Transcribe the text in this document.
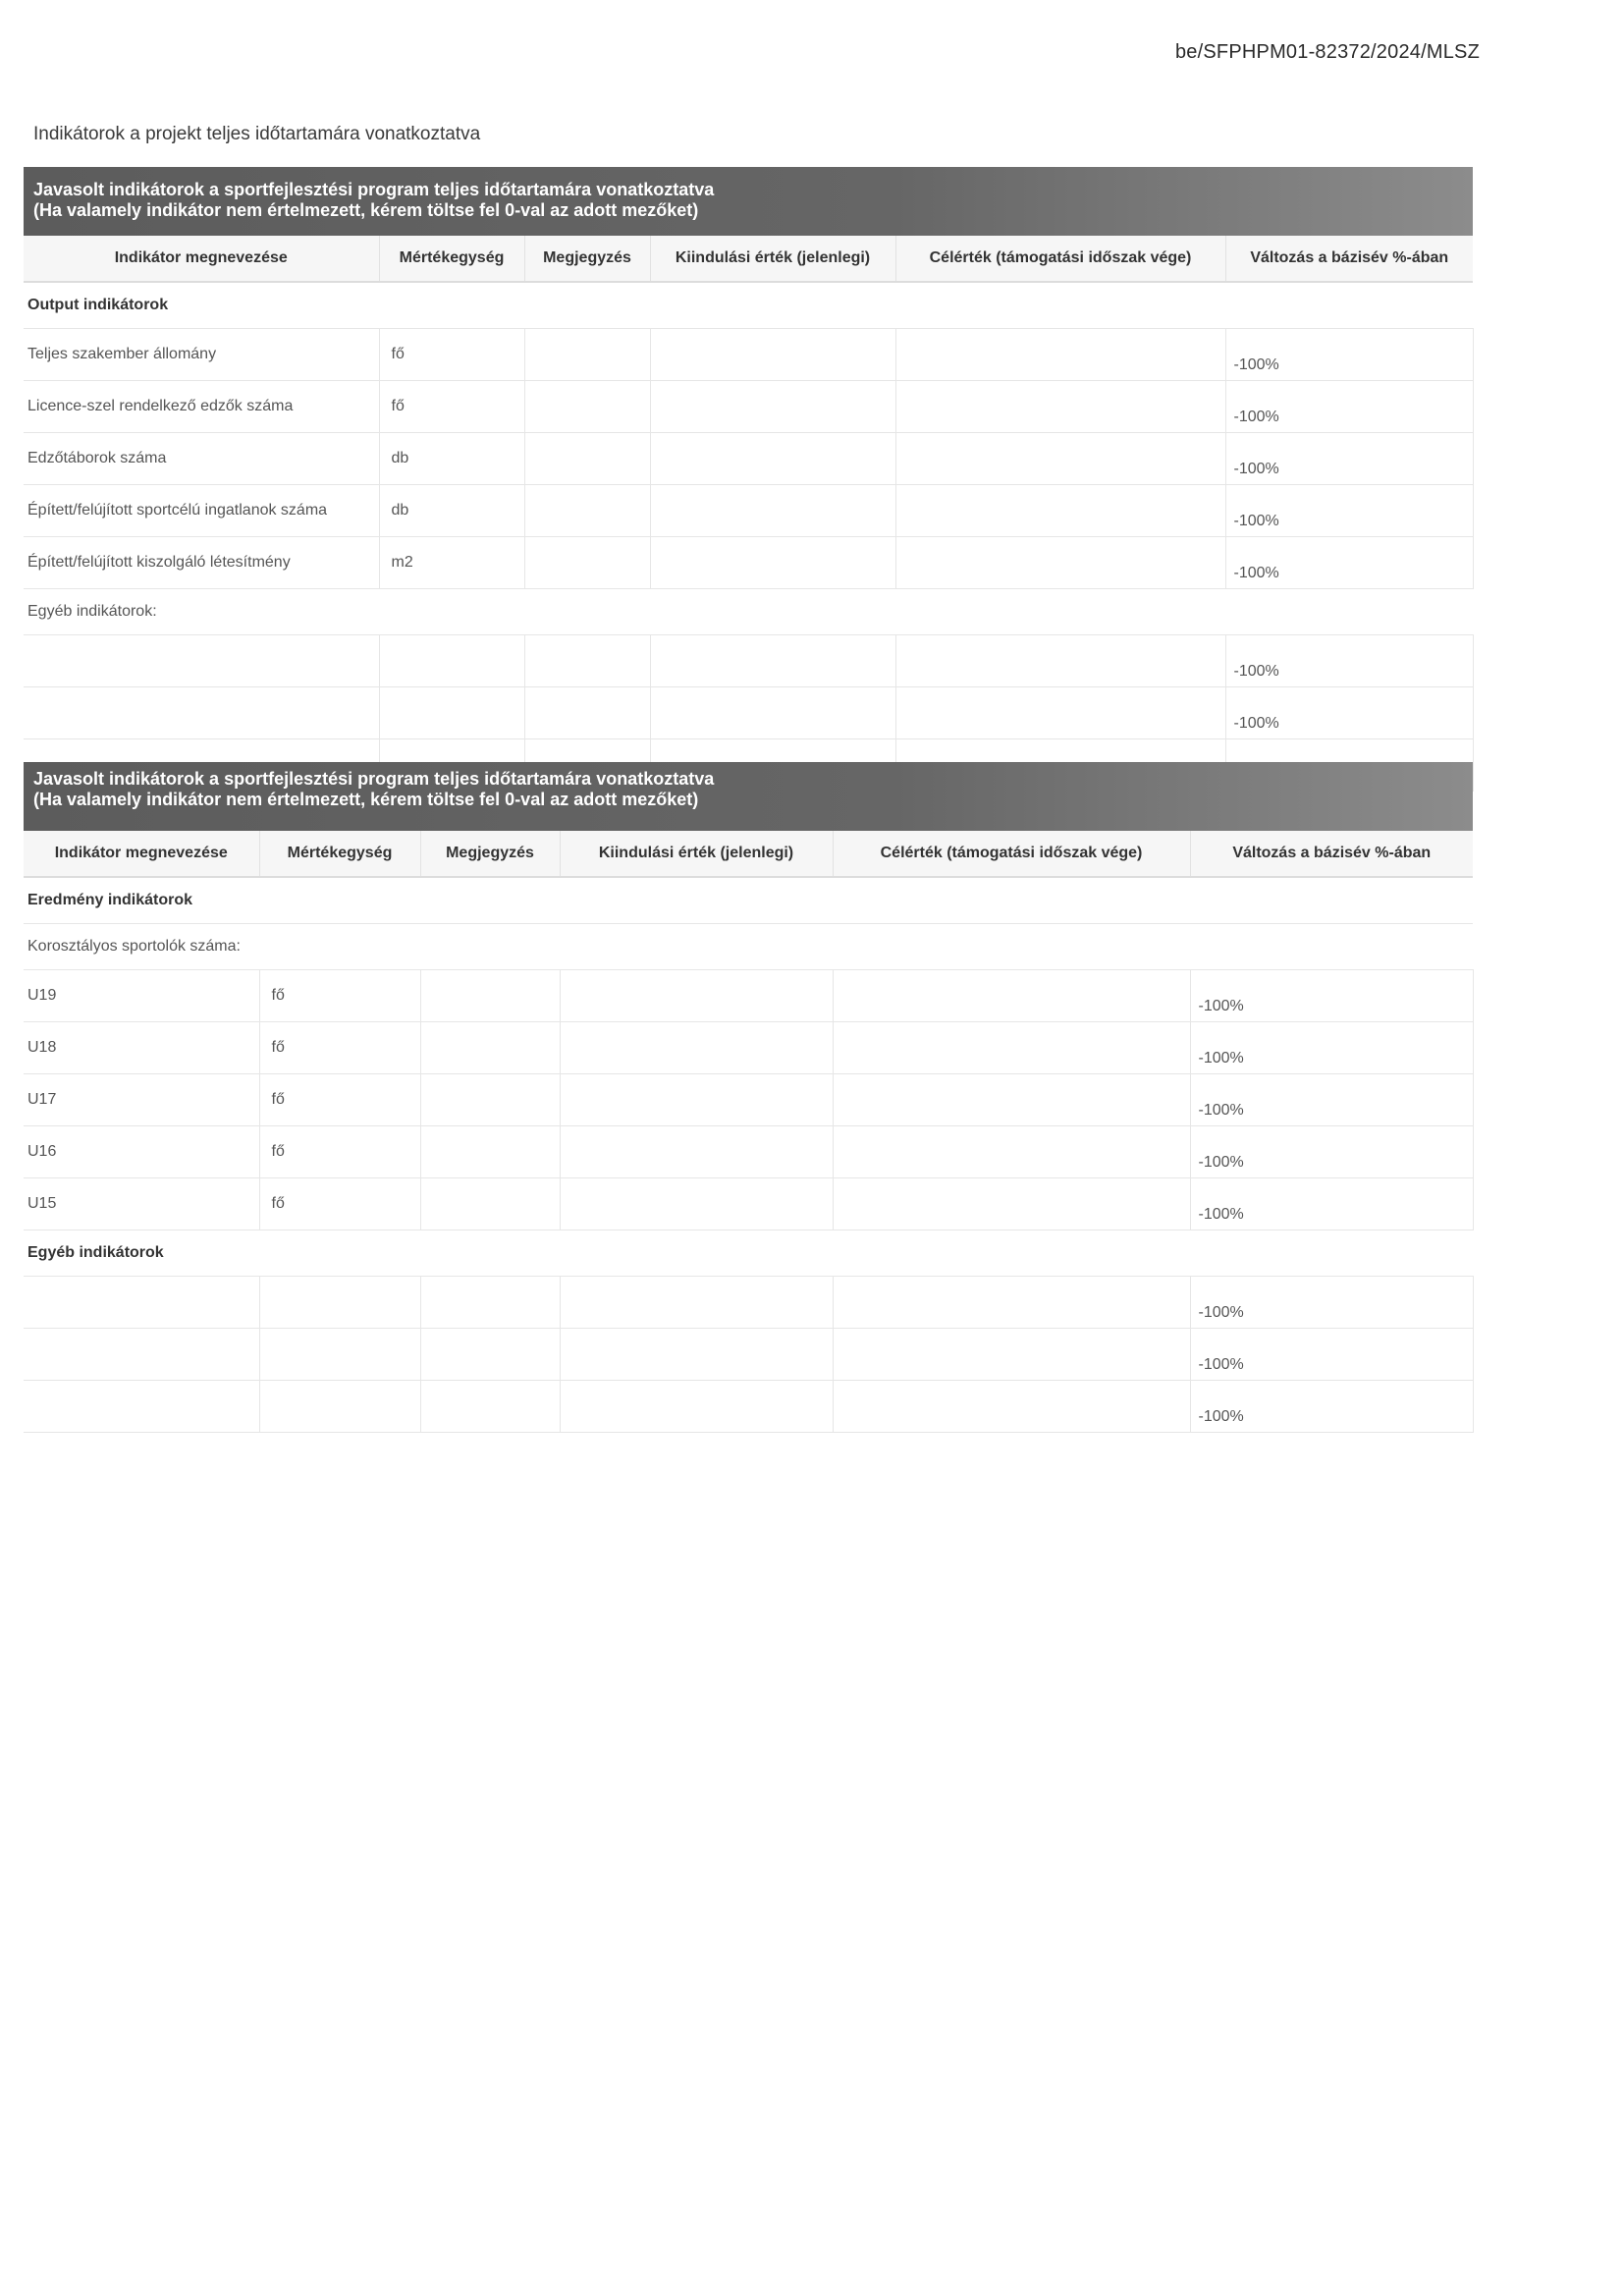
be/SFPHPM01-82372/2024/MLSZ
Indikátorok a projekt teljes időtartamára vonatkoztatva
Javasolt indikátorok a sportfejlesztési program teljes időtartamára vonatkoztatva
(Ha valamely indikátor nem értelmezett, kérem töltse fel 0-val az adott mezőket)
Indikátor megnevezése	Mértékegység	Megjegyzés	Kiindulási érték (jelenlegi)	Célérték (támogatási időszak vége)	Változás a bázisév %-ában
Output indikátorok					
Teljes szakember állomány	fő				-100%
Licence-szel rendelkező edzők száma	fő				-100%
Edzőtáborok száma	db				-100%
Épített/felújított sportcélú ingatlanok száma	db				-100%
Épített/felújított kiszolgáló létesítmény	m2				-100%
Egyéb indikátorok:					
					-100%
					-100%

Javasolt indikátorok a sportfejlesztési program teljes időtartamára vonatkoztatva
(Ha valamely indikátor nem értelmezett, kérem töltse fel 0-val az adott mezőket)
Indikátor megnevezése	Mértékegység	Megjegyzés	Kiindulási érték (jelenlegi)	Célérték (támogatási időszak vége)	Változás a bázisév %-ában
Eredmény indikátorok					
Korosztályos sportolók száma:					
U19	fő				-100%
U18	fő				-100%
U17	fő				-100%
U16	fő				-100%
U15	fő				-100%
Egyéb indikátorok					
					-100%
					-100%
					-100%
